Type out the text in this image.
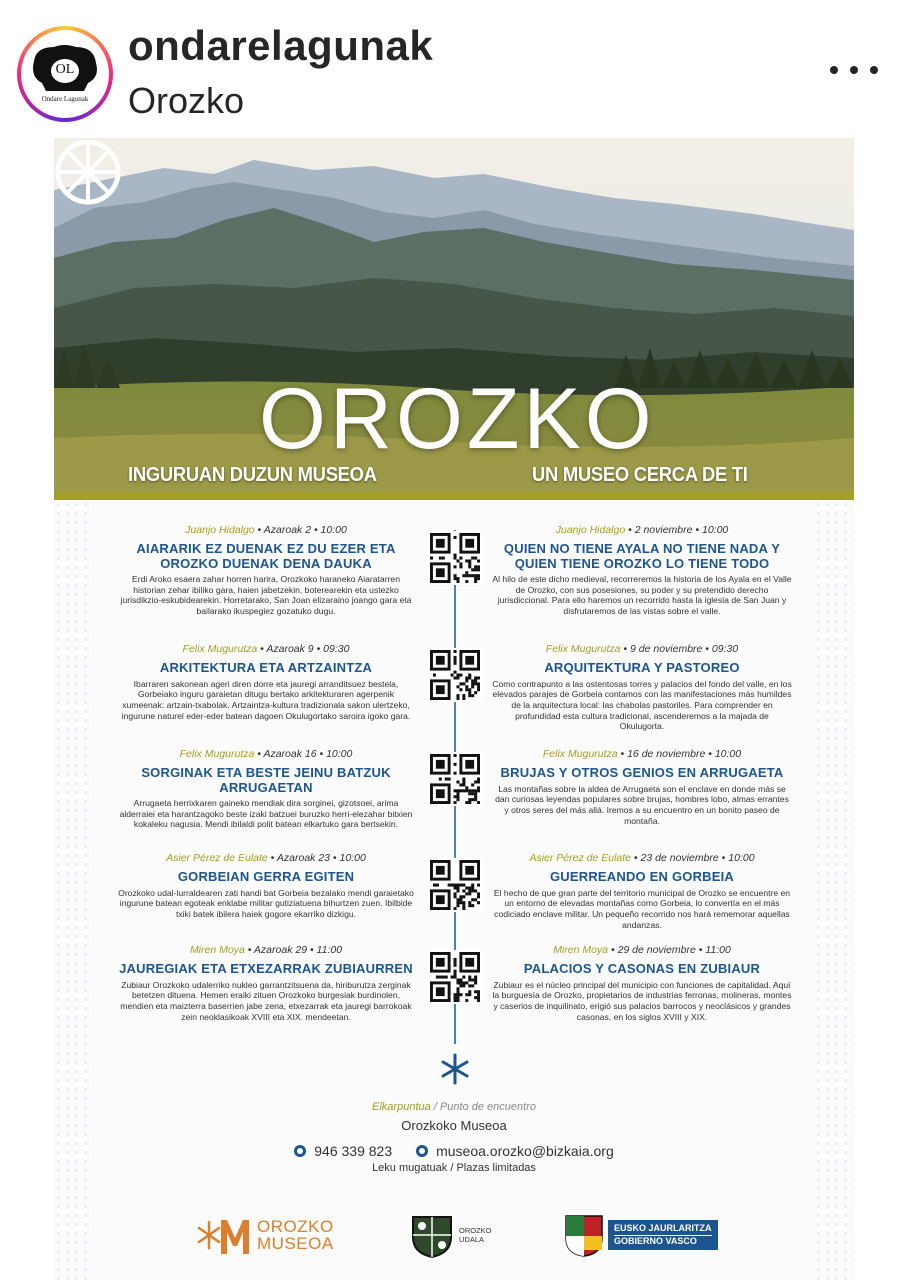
OL
Ondare Lagunak
ondarelagunak
Orozko
OROZKO
INGURUAN DUZUN MUSEOA	UN MUSEO CERCA DE TI
Juanjo Hidalgo • Azaroak 2 • 10:00
AIARARIK EZ DUENAK EZ DU EZER ETA OROZKO DUENAK DENA DAUKA
Erdi Aroko esaera zahar horren harira, Orozkoko haraneko Aiaratarren historian zehar ibiliko gara, haien jabetzekin, boterearekin eta ustezko jurisdikzio-eskubidearekin. Horretarako, San Joan elizaraino joango gara eta bailarako ikuspegiez gozatuko dugu.
Juanjo Hidalgo • 2 noviembre • 10:00
QUIEN NO TIENE AYALA NO TIENE NADA Y QUIEN TIENE OROZKO LO TIENE TODO
Al hilo de este dicho medieval, recorreremos la historia de los Ayala en el Valle de Orozko, con sus posesiones, su poder y su pretendido derecho jurisdiccional. Para ello haremos un recorrido hasta la iglesia de San Juan y disfrutaremos de las vistas sobre el valle.
Felix Mugurutza • Azaroak 9 • 09:30
ARKITEKTURA ETA ARTZAINTZA
Ibarraren sakonean ageri diren dorre eta jauregi arranditsuez bestela, Gorbeiako inguru garaietan ditugu bertako arkitekturaren agerpenik xumeenak: artzain-txabolak. Artzaintza-kultura tradizionala sakon ulertzeko, ingurune naturel eder-eder batean dagoen Okulugortako saroira igoko gara.
Felix Mugurutza • 9 de noviembre • 09:30
ARQUITEKTURA Y PASTOREO
Como contrapunto a las ostentosas torres y palacios del fondo del valle, en los elevados parajes de Gorbeia contamos con las manifestaciones más humildes de la arquitectura local: las chabolas pastoriles. Para comprender en profundidad esta cultura tradicional, ascenderemos a la majada de Okulugorta.
Felix Mugurutza • Azaroak 16 • 10:00
SORGINAK ETA BESTE JEINU BATZUK ARRUGAETAN
Arrugaeta herrixkaren gaineko mendiak dira sorginei, gizotsoei, arima alderraiei eta harantzagoko beste izaki batzuei buruzko herri-elezahar bitxien kokaleku nagusia. Mendi ibilaldi polit batean elkartuko gara bertsekin.
Felix Mugurutza • 16 de noviembre • 10:00
BRUJAS Y OTROS GENIOS EN ARRUGAETA
Las montañas sobre la aldea de Arrugaeta son el enclave en donde más se dan curiosas leyendas populares sobre brujas, hombres lobo, almas errantes y otros seres del más allá. Iremos a su encuentro en un bonito paseo de montaña.
Asier Pérez de Eulate • Azaroak 23 • 10:00
GORBEIAN GERRA EGITEN
Orozkoko udal-lurraldearen zati handi bat Gorbeia bezalako mendi garaietako ingurune batean egoteak enklabe militar gutiziatuena bihurtzen zuen. Ibilbide txiki batek ibilera haiek gogore ekarriko dizkigu.
Asier Pérez de Eulate • 23 de noviembre • 10:00
GUERREANDO EN GORBEIA
El hecho de que gran parte del territorio municipal de Orozko se encuentre en un entorno de elevadas montañas como Gorbeia, lo convertía en el más codiciado enclave militar. Un pequeño recorrido nos hará rememorar aquellas andanzas.
Miren Moya • Azaroak 29 • 11:00
JAUREGIAK ETA ETXEZARRAK ZUBIAURREN
Zubiaur Orozkoko udalerriko nukleo garrantzitsuena da, hiriburutza zerginak betetzen dituena. Hemen eraiki zituen Orozkoko burgesiak burdinolen, mendien eta maizterra baserrien jabe zena, etxezarrak eta jauregi barrokoak zein neoklasikoak XVIII eta XIX. mendeetan.
Miren Moya • 29 de noviembre • 11:00
PALACIOS Y CASONAS EN ZUBIAUR
Zubiaur es el núcleo principal del municipio con funciones de capitalidad. Aquí la burguesía de Orozko, propietarios de industrias ferronas, molineras, montes y caserios de inquilinato, erigió sus palacios barrocos y neoclásicos y grandes casonas, en los siglos XVIII y XIX.
Elkarpuntua / Punto de encuentro
Orozkoko Museoa
946 339 823	museoa.orozko@bizkaia.org
Leku mugatuak / Plazas limitadas
OROZKO
MUSEOA
OROZKO
UDALA
EUSKO JAURLARITZA
GOBIERNO VASCO
